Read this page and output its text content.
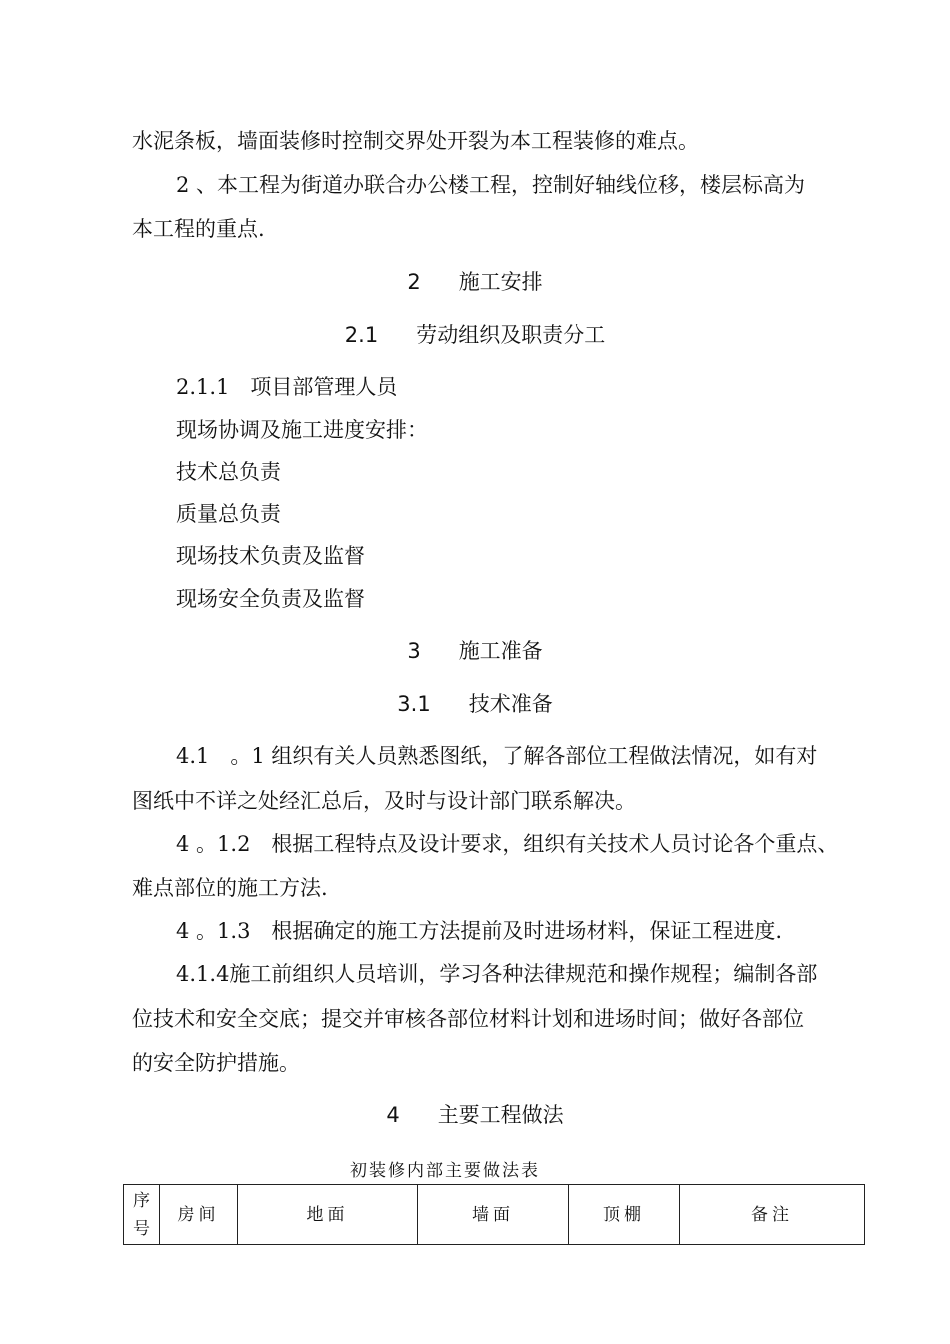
水泥条板，墙面装修时控制交界处开裂为本工程装修的难点。
2 、本工程为街道办联合办公楼工程，控制好轴线位移，楼层标高为
本工程的重点.
2 施工安排
2.1 劳动组织及职责分工
2.1.1　项目部管理人员
现场协调及施工进度安排：
技术总负责
质量总负责
现场技术负责及监督
现场安全负责及监督
3 施工准备
3.1 技术准备
4.1　。1 组织有关人员熟悉图纸，了解各部位工程做法情况，如有对
图纸中不详之处经汇总后，及时与设计部门联系解决。
4 。1.2　根据工程特点及设计要求，组织有关技术人员讨论各个重点、
难点部位的施工方法.
4 。1.3　根据确定的施工方法提前及时进场材料，保证工程进度.
4.1.4施工前组织人员培训，学习各种法律规范和操作规程；编制各部
位技术和安全交底；提交并审核各部位材料计划和进场时间；做好各部位
的安全防护措施。
4 主要工程做法
初装修内部主要做法表
序号	房间	地面	墙面	顶棚	备注
